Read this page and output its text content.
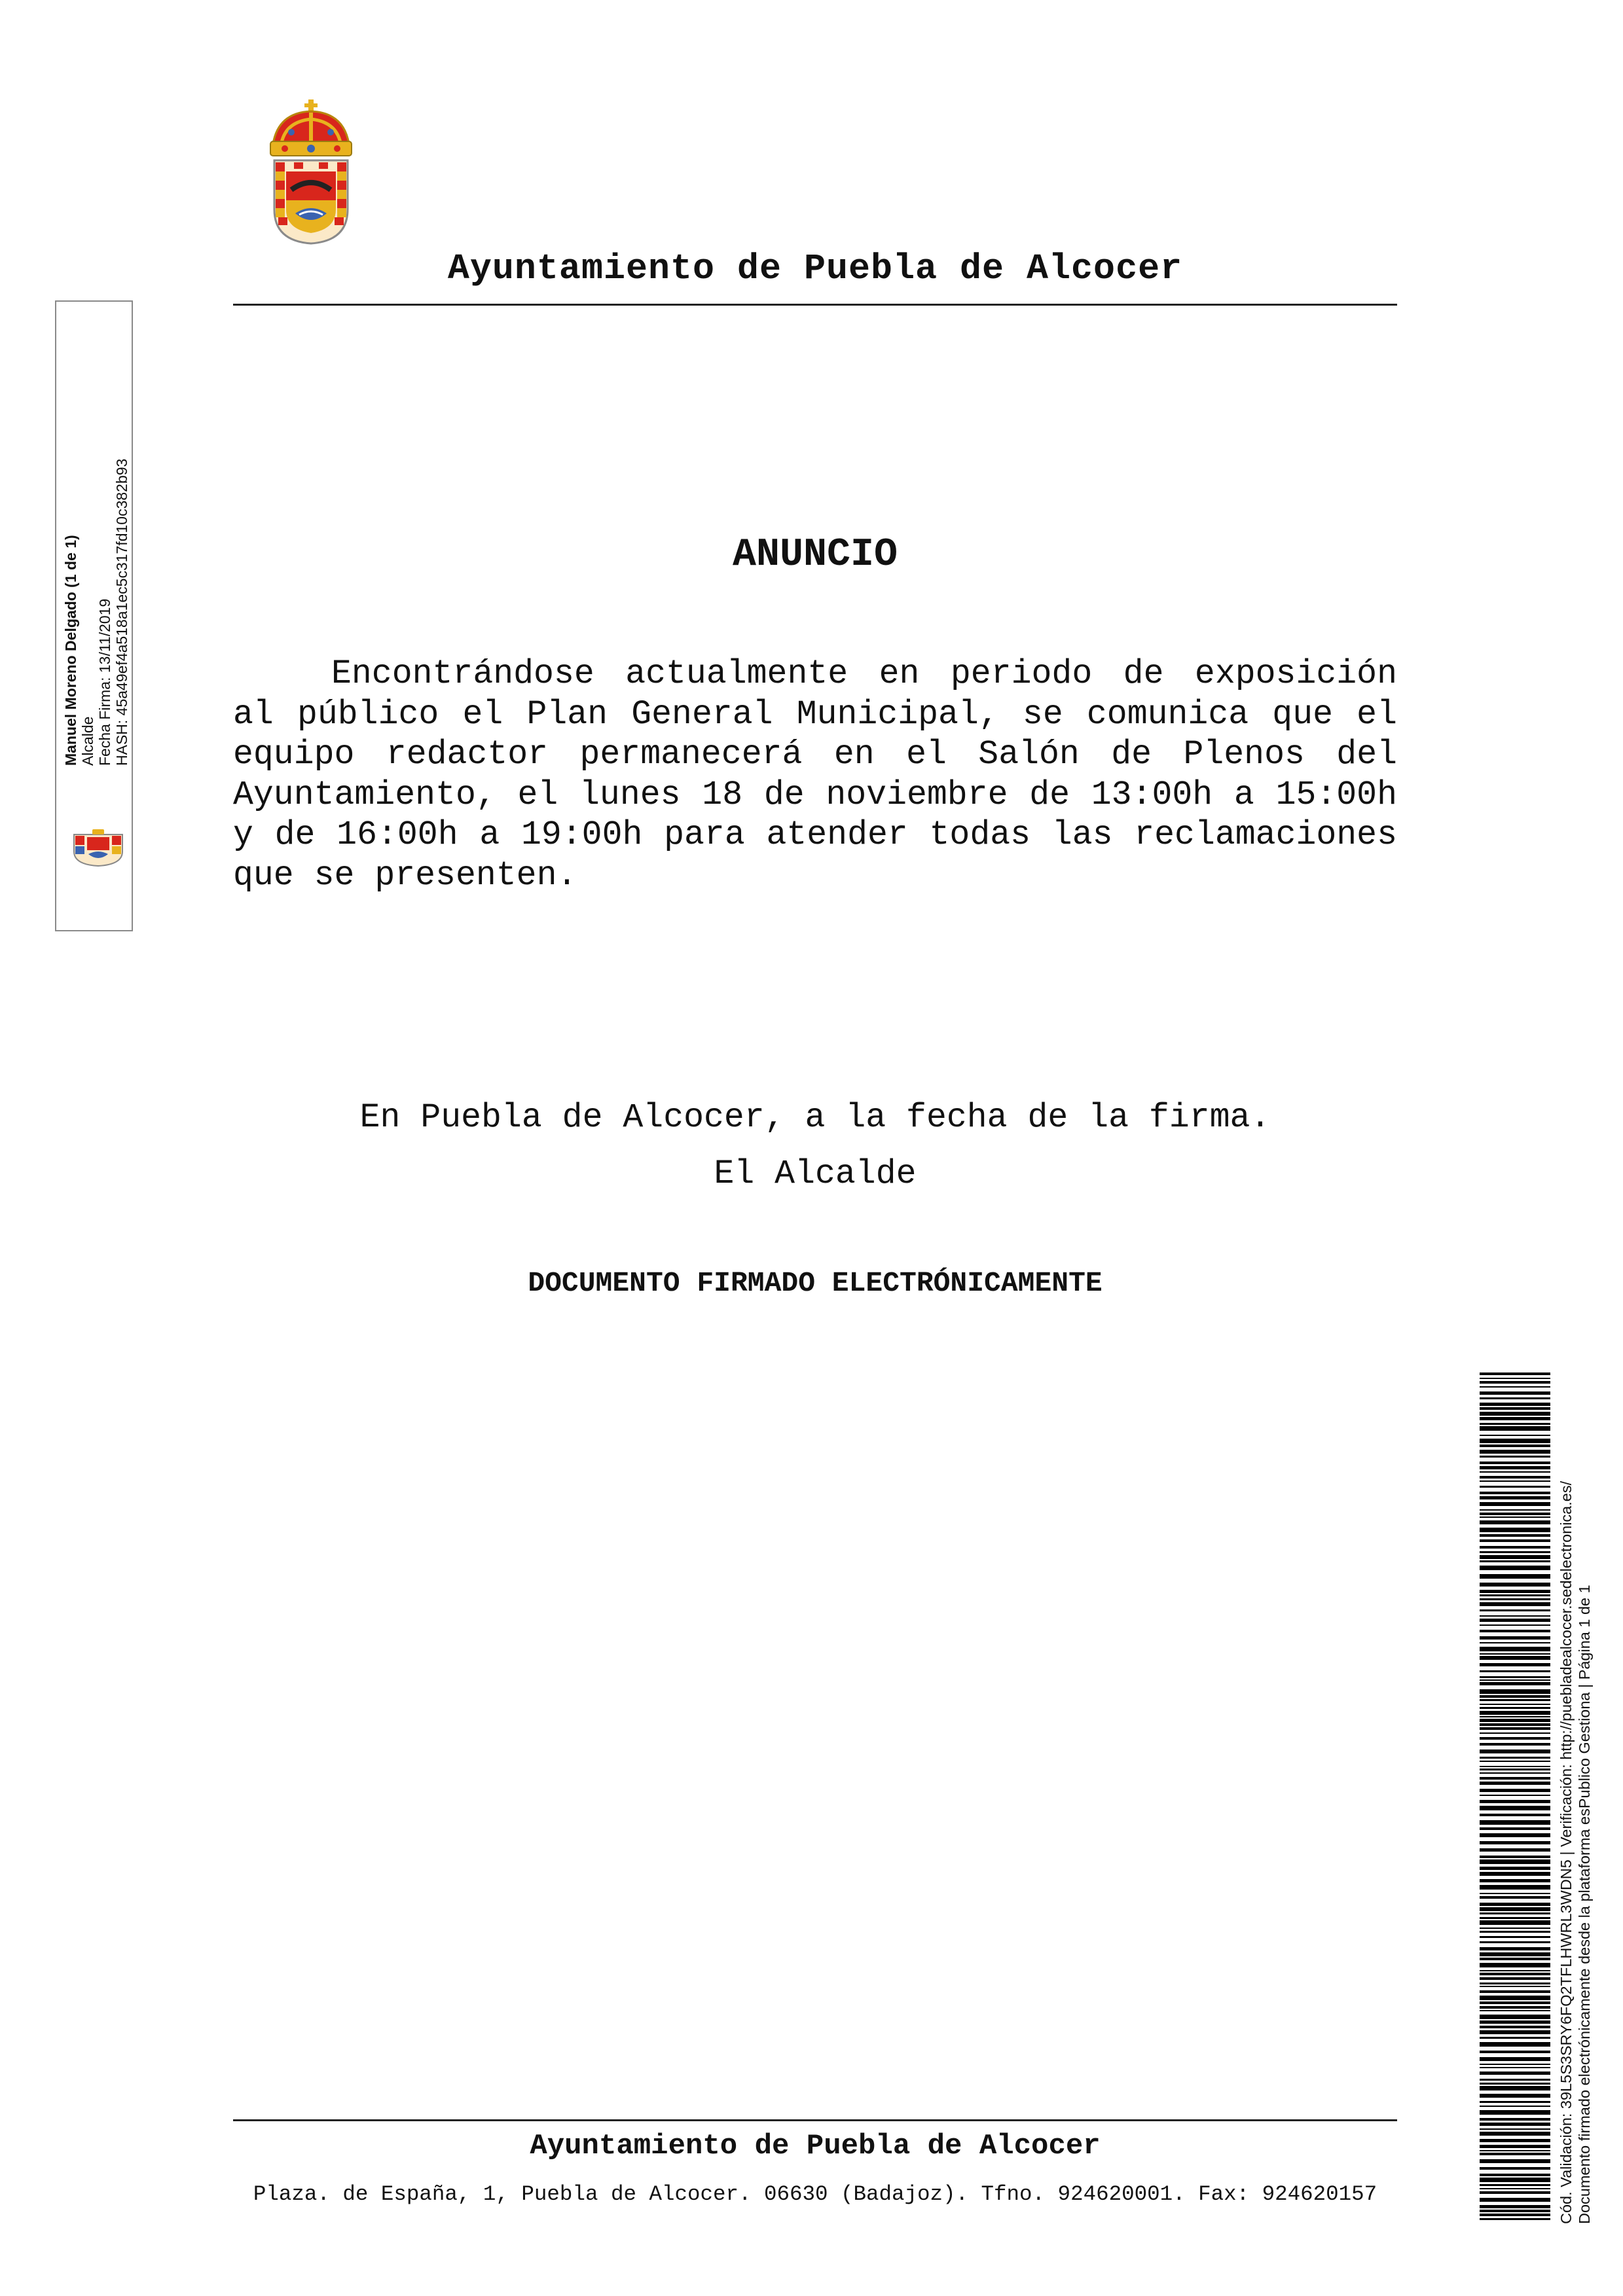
Ayuntamiento de Puebla de Alcocer
ANUNCIO
Encontrándose actualmente en periodo de exposición al público el Plan General Municipal, se comunica que el equipo redactor permanecerá en el Salón de Plenos del Ayuntamiento, el lunes 18 de noviembre de 13:00h a 15:00h y de 16:00h a 19:00h para atender todas las reclamaciones que se presenten.
En Puebla de Alcocer, a la fecha de la firma.
El Alcalde
DOCUMENTO FIRMADO ELECTRÓNICAMENTE
Manuel Moreno Delgado (1 de 1) Alcalde Fecha Firma: 13/11/2019 HASH: 45a49ef4a518a1ec5c317fd10c382b93
Cód. Validación: 39L5S3SRY6FQ2TFLHWRL3WDN5 | Verificación: http://puebladealcocer.sedelectronica.es/ Documento firmado electrónicamente desde la plataforma esPublico Gestiona | Página 1 de 1
Ayuntamiento de Puebla de Alcocer
Plaza. de España, 1, Puebla de Alcocer. 06630 (Badajoz). Tfno. 924620001. Fax: 924620157
